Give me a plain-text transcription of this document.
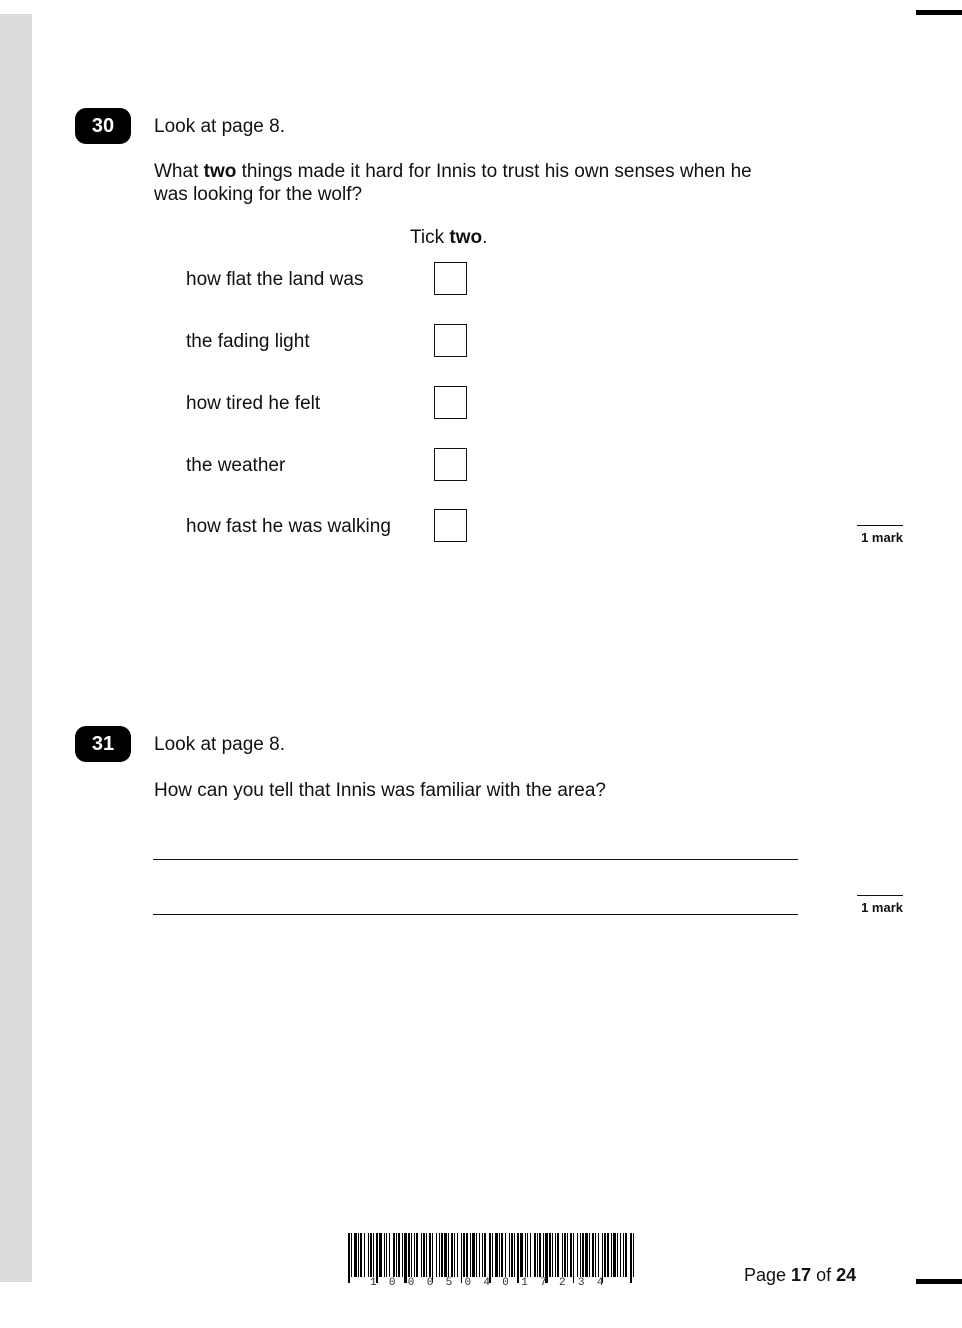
30	Look at page 8.
What two things made it hard for Innis to trust his own senses when he
was looking for the wolf?
Tick two.
how flat the land was
the fading light
how tired he felt
the weather
how fast he was walking
1 mark
31	Look at page 8.
How can you tell that Innis was familiar with the area?
1 mark
1000504017234	Page 17 of 24
